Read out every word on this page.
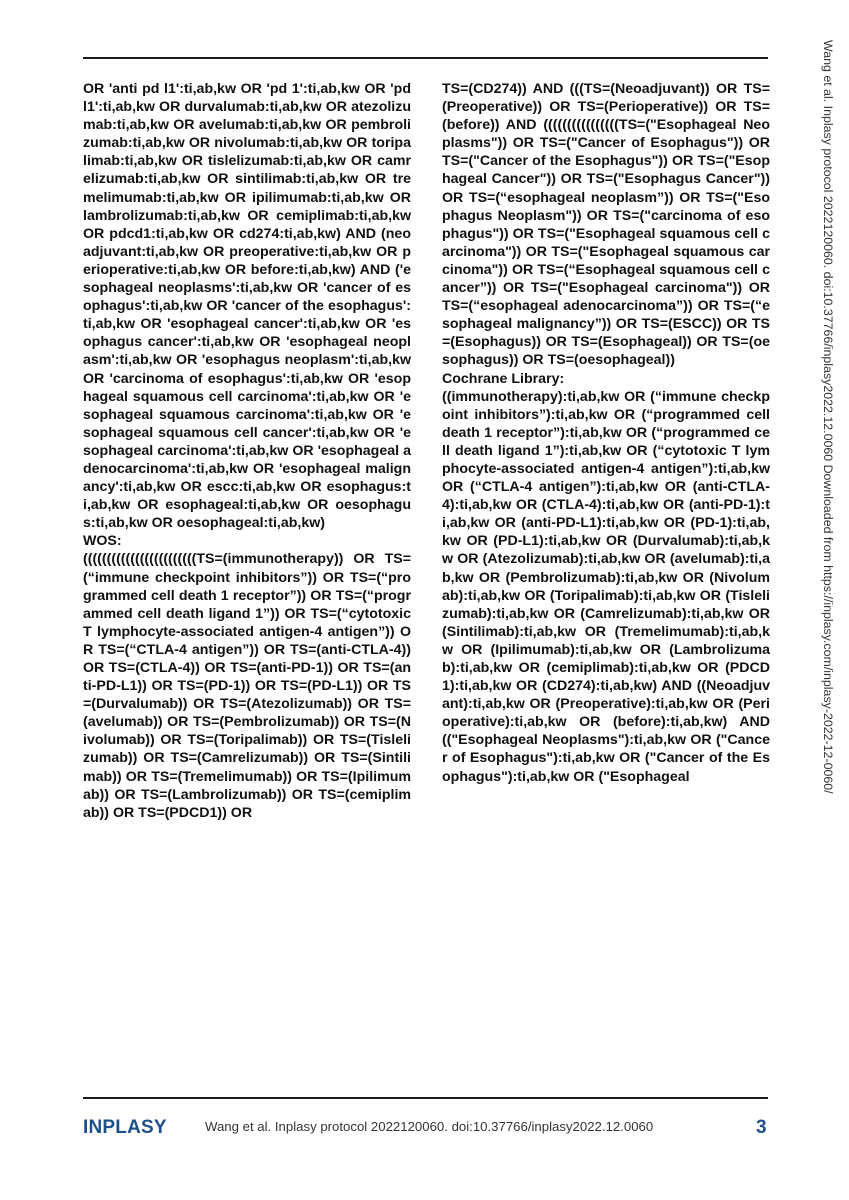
OR 'anti pd l1':ti,ab,kw OR 'pd 1':ti,ab,kw OR 'pd l1':ti,ab,kw OR durvalumab:ti,ab,kw OR atezolizumab:ti,ab,kw OR avelumab:ti,ab,kw OR pembrolizumab:ti,ab,kw OR nivolumab:ti,ab,kw OR toripalimab:ti,ab,kw OR tislelizumab:ti,ab,kw OR camrelizumab:ti,ab,kw OR sintilimab:ti,ab,kw OR tremelimumab:ti,ab,kw OR ipilimumab:ti,ab,kw OR lambrolizumab:ti,ab,kw OR cemiplimab:ti,ab,kw OR pdcd1:ti,ab,kw OR cd274:ti,ab,kw) AND (neoadjuvant:ti,ab,kw OR preoperative:ti,ab,kw OR perioperative:ti,ab,kw OR before:ti,ab,kw) AND ('esophageal neoplasms':ti,ab,kw OR 'cancer of esophagus':ti,ab,kw OR 'cancer of the esophagus':ti,ab,kw OR 'esophageal cancer':ti,ab,kw OR 'esophagus cancer':ti,ab,kw OR 'esophageal neoplasm':ti,ab,kw OR 'esophagus neoplasm':ti,ab,kw OR 'carcinoma of esophagus':ti,ab,kw OR 'esophageal squamous cell carcinoma':ti,ab,kw OR 'esophageal squamous carcinoma':ti,ab,kw OR 'esophageal squamous cell cancer':ti,ab,kw OR 'esophageal carcinoma':ti,ab,kw OR 'esophageal adenocarcinoma':ti,ab,kw OR 'esophageal malignancy':ti,ab,kw OR escc:ti,ab,kw OR esophagus:ti,ab,kw OR esophageal:ti,ab,kw OR oesophagus:ti,ab,kw OR oesophageal:ti,ab,kw)

WOS:

((((((((((((((((((((((((TS=(immunotherapy)) OR TS=(“immune checkpoint inhibitors”)) OR TS=(“programmed cell death 1 receptor”)) OR TS=(“programmed cell death ligand 1”)) OR TS=(“cytotoxic T lymphocyte-associated antigen-4 antigen”)) OR TS=(“CTLA-4 antigen”)) OR TS=(anti-CTLA-4)) OR TS=(CTLA-4)) OR TS=(anti-PD-1)) OR TS=(anti-PD-L1)) OR TS=(PD-1)) OR TS=(PD-L1)) OR TS=(Durvalumab)) OR TS=(Atezolizumab)) OR TS=(avelumab)) OR TS=(Pembrolizumab)) OR TS=(Nivolumab)) OR TS=(Toripalimab)) OR TS=(Tislelizumab)) OR TS=(Camrelizumab)) OR TS=(Sintilimab)) OR TS=(Tremelimumab)) OR TS=(Ipilimumab)) OR TS=(Lambrolizumab)) OR TS=(cemiplimab)) OR TS=(PDCD1)) OR

TS=(CD274)) AND (((TS=(Neoadjuvant)) OR TS=(Preoperative)) OR TS=(Perioperative)) OR TS=(before)) AND ((((((((((((((((TS=("Esophageal Neoplasms")) OR TS=("Cancer of Esophagus")) OR TS=("Cancer of the Esophagus")) OR TS=("Esophageal Cancer")) OR TS=("Esophagus Cancer")) OR TS=(“esophageal neoplasm”)) OR TS=("Esophagus Neoplasm")) OR TS=("carcinoma of esophagus")) OR TS=("Esophageal squamous cell carcinoma")) OR TS=("Esophageal squamous carcinoma")) OR TS=(“Esophageal squamous cell cancer”)) OR TS=("Esophageal carcinoma")) OR TS=(“esophageal adenocarcinoma”)) OR TS=(“esophageal malignancy”)) OR TS=(ESCC)) OR TS=(Esophagus)) OR TS=(Esophageal)) OR TS=(oesophagus)) OR TS=(oesophageal))

Cochrane Library:

((immunotherapy):ti,ab,kw OR (“immune checkpoint inhibitors”):ti,ab,kw OR (“programmed cell death 1 receptor”):ti,ab,kw OR (“programmed cell death ligand 1”):ti,ab,kw OR (“cytotoxic T lymphocyte-associated antigen-4 antigen”):ti,ab,kw OR (“CTLA-4 antigen”):ti,ab,kw OR (anti-CTLA-4):ti,ab,kw OR (CTLA-4):ti,ab,kw OR (anti-PD-1):ti,ab,kw OR (anti-PD-L1):ti,ab,kw OR (PD-1):ti,ab,kw OR (PD-L1):ti,ab,kw OR (Durvalumab):ti,ab,kw OR (Atezolizumab):ti,ab,kw OR (avelumab):ti,ab,kw OR (Pembrolizumab):ti,ab,kw OR (Nivolumab):ti,ab,kw OR (Toripalimab):ti,ab,kw OR (Tislelizumab):ti,ab,kw OR (Camrelizumab):ti,ab,kw OR (Sintilimab):ti,ab,kw OR (Tremelimumab):ti,ab,kw OR (Ipilimumab):ti,ab,kw OR (Lambrolizumab):ti,ab,kw OR (cemiplimab):ti,ab,kw OR (PDCD1):ti,ab,kw OR (CD274):ti,ab,kw) AND ((Neoadjuvant):ti,ab,kw OR (Preoperative):ti,ab,kw OR (Perioperative):ti,ab,kw OR (before):ti,ab,kw) AND (("Esophageal Neoplasms"):ti,ab,kw OR ("Cancer of Esophagus"):ti,ab,kw OR ("Cancer of the Esophagus"):ti,ab,kw OR ("Esophageal	Wang et al. Inplasy protocol 2022120060. doi:10.37766/inplasy2022.12.0060 Downloaded from https://inplasy.com/inplasy-2022-12-0060/
INPLASY	Wang et al. Inplasy protocol 2022120060. doi:10.37766/inplasy2022.12.0060	3
